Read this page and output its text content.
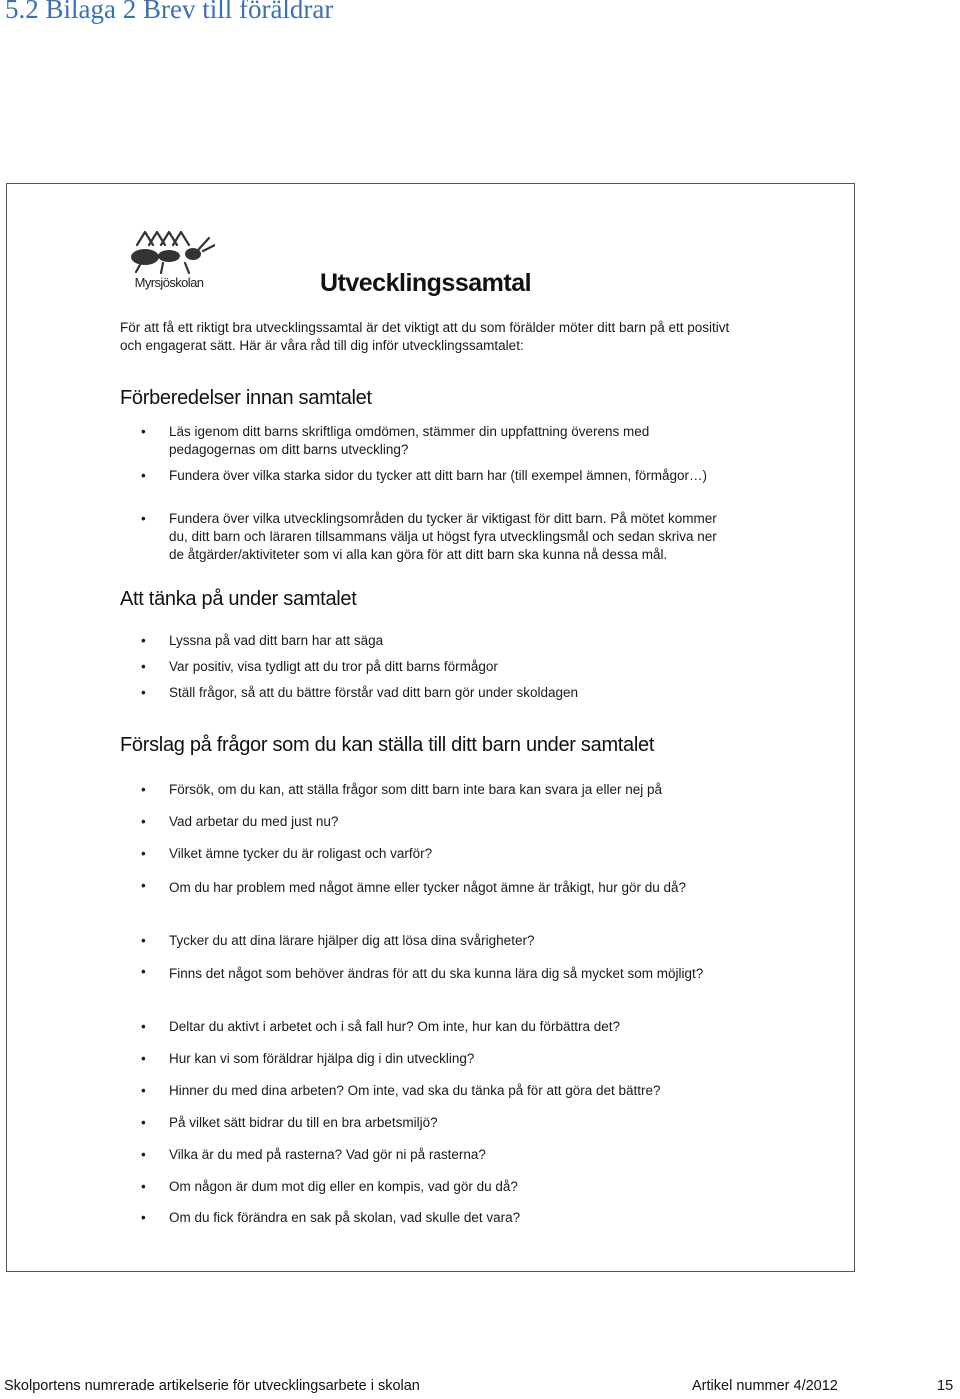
5.2 Bilaga 2 Brev till föräldrar
Myrsjöskolan	Utvecklingssamtal

För att få ett riktigt bra utvecklingssamtal är det viktigt att du som förälder möter ditt barn på ett positivt och engagerat sätt. Här är våra råd till dig inför utvecklingssamtalet:

Förberedelser innan samtalet
• Läs igenom ditt barns skriftliga omdömen, stämmer din uppfattning överens med pedagogernas om ditt barns utveckling?
• Fundera över vilka starka sidor du tycker att ditt barn har (till exempel ämnen, förmågor…)
• Fundera över vilka utvecklingsområden du tycker är viktigast för ditt barn. På mötet kommer du, ditt barn och läraren tillsammans välja ut högst fyra utvecklingsmål och sedan skriva ner de åtgärder/aktiviteter som vi alla kan göra för att ditt barn ska kunna nå dessa mål.
Att tänka på under samtalet
• Lyssna på vad ditt barn har att säga
• Var positiv, visa tydligt att du tror på ditt barns förmågor
• Ställ frågor, så att du bättre förstår vad ditt barn gör under skoldagen
Förslag på frågor som du kan ställa till ditt barn under samtalet
• Försök, om du kan, att ställa frågor som ditt barn inte bara kan svara ja eller nej på
• Vad arbetar du med just nu?
• Vilket ämne tycker du är roligast och varför?
• Om du har problem med något ämne eller tycker något ämne är tråkigt, hur gör du då?
• Tycker du att dina lärare hjälper dig att lösa dina svårigheter?
• Finns det något som behöver ändras för att du ska kunna lära dig så mycket som möjligt?
• Deltar du aktivt i arbetet och i så fall hur? Om inte, hur kan du förbättra det?
• Hur kan vi som föräldrar hjälpa dig i din utveckling?
• Hinner du med dina arbeten? Om inte, vad ska du tänka på för att göra det bättre?
• På vilket sätt bidrar du till en bra arbetsmiljö?
• Vilka är du med på rasterna? Vad gör ni på rasterna?
• Om någon är dum mot dig eller en kompis, vad gör du då?
• Om du fick förändra en sak på skolan, vad skulle det vara?
Skolportens numrerade artikelserie för utvecklingsarbete i skolan	Artikel nummer 4/2012	15
